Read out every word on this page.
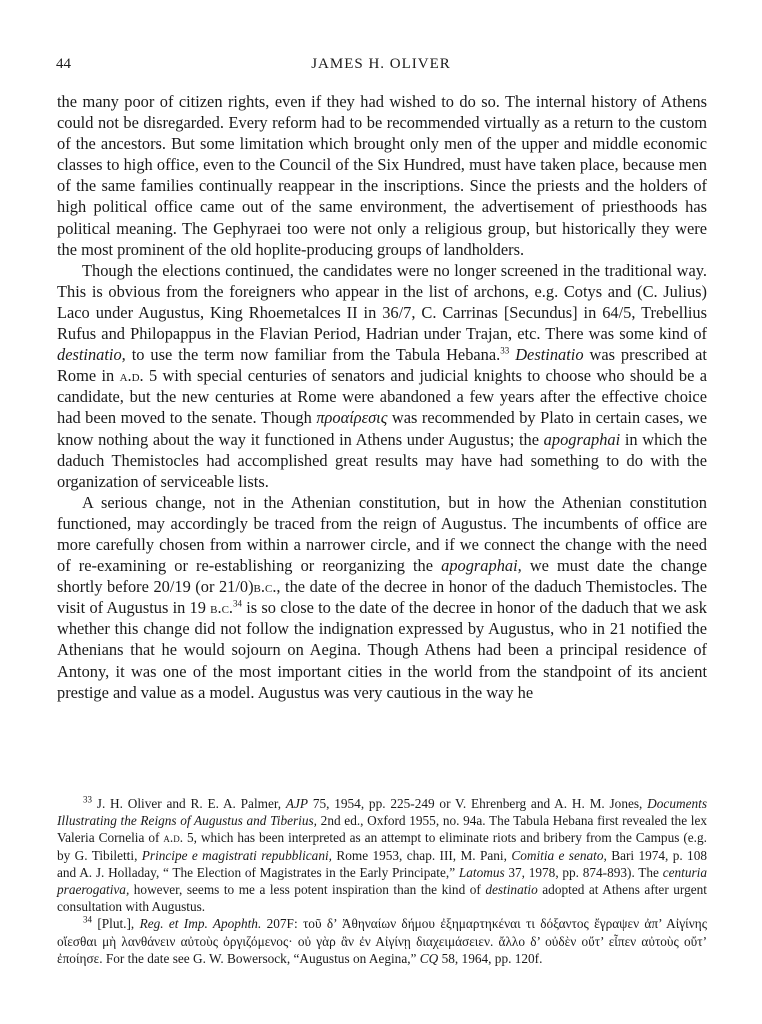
44	JAMES H. OLIVER

the many poor of citizen rights, even if they had wished to do so. The internal history of Athens could not be disregarded. Every reform had to be recommended virtually as a return to the custom of the ancestors. But some limitation which brought only men of the upper and middle economic classes to high office, even to the Council of the Six Hundred, must have taken place, because men of the same families continually reappear in the inscriptions. Since the priests and the holders of high political office came out of the same environment, the advertisement of priesthoods has political meaning. The Gephyraei too were not only a religious group, but historically they were the most prominent of the old hoplite-producing groups of landholders.

Though the elections continued, the candidates were no longer screened in the traditional way. This is obvious from the foreigners who appear in the list of archons, e.g. Cotys and (C. Julius) Laco under Augustus, King Rhoemetalces II in 36/7, C. Carrinas [Secundus] in 64/5, Trebellius Rufus and Philopappus in the Flavian Period, Hadrian under Trajan, etc. There was some kind of destinatio, to use the term now familiar from the Tabula Hebana.$^{33}$ Destinatio was prescribed at Rome in a.d. 5 with special centuries of senators and judicial knights to choose who should be a candidate, but the new centuries at Rome were abandoned a few years after the effective choice had been moved to the senate. Though προαίρεσις was recommended by Plato in certain cases, we know nothing about the way it functioned in Athens under Augustus; the apographai in which the daduch Themistocles had accomplished great results may have had something to do with the organization of serviceable lists.

A serious change, not in the Athenian constitution, but in how the Athenian constitution functioned, may accordingly be traced from the reign of Augustus. The incumbents of office are more carefully chosen from within a narrower circle, and if we connect the change with the need of re-examining or re-establishing or reorganizing the apographai, we must date the change shortly before 20/19 (or 21/0)b.c., the date of the decree in honor of the daduch Themistocles. The visit of Augustus in 19 b.c.$^{34}$ is so close to the date of the decree in honor of the daduch that we ask whether this change did not follow the indignation expressed by Augustus, who in 21 notified the Athenians that he would sojourn on Aegina. Though Athens had been a principal residence of Antony, it was one of the most important cities in the world from the standpoint of its ancient prestige and value as a model. Augustus was very cautious in the way he

$^{33}$ J. H. Oliver and R. E. A. Palmer, AJP 75, 1954, pp. 225-249 or V. Ehrenberg and A. H. M. Jones, Documents Illustrating the Reigns of Augustus and Tiberius, 2nd ed., Oxford 1955, no. 94a. The Tabula Hebana first revealed the lex Valeria Cornelia of a.d. 5, which has been interpreted as an attempt to eliminate riots and bribery from the Campus (e.g. by G. Tibiletti, Principe e magistrati repubblicani, Rome 1953, chap. III, M. Pani, Comitia e senato, Bari 1974, p. 108 and A. J. Holladay, “ The Election of Magistrates in the Early Principate,” Latomus 37, 1978, pp. 874-893). The centuria praerogativa, however, seems to me a less potent inspiration than the kind of destinatio adopted at Athens after urgent consultation with Augustus.

$^{34}$ [Plut.], Reg. et Imp. Apophth. 207F: τοῦ δ’ Ἀθηναίων δήμου ἐξημαρτηκέναι τι δόξαντος ἔγραψεν ἀπ’ Αἰγίνης οἴεσθαι μὴ λανθάνειν αὐτοὺς ὀργιζόμενος· οὐ γὰρ ἂν ἐν Αἰγίνῃ διαχειμάσειεν. ἄλλο δ’ οὐδὲν οὔτ’ εἶπεν αὐτοὺς οὔτ’ ἐποίησε. For the date see G. W. Bowersock, “Augustus on Aegina,” CQ 58, 1964, pp. 120f.
